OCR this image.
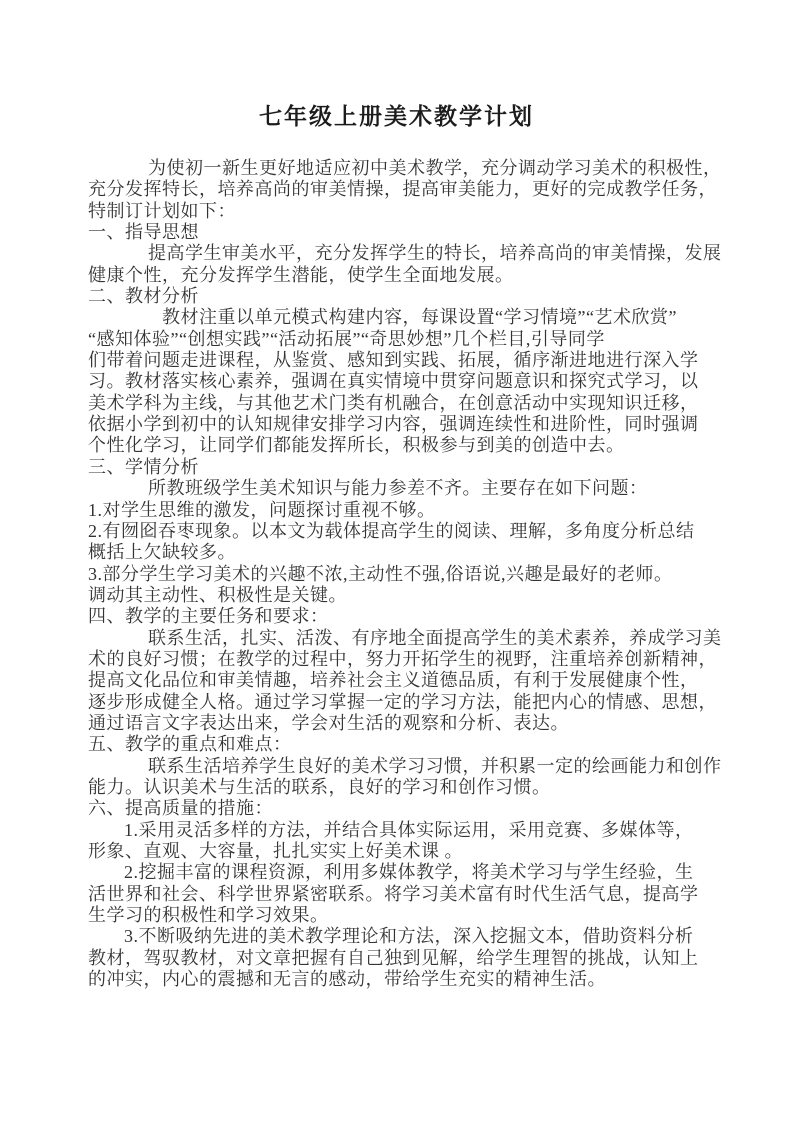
七年级上册美术教学计划
为使初一新生更好地适应初中美术教学，充分调动学习美术的积极性，
充分发挥特长，培养高尚的审美情操，提高审美能力，更好的完成教学任务，
特制订计划如下：
一、指导思想
提高学生审美水平，充分发挥学生的特长，培养高尚的审美情操，发展
健康个性，充分发挥学生潜能，使学生全面地发展。
二、教材分析
教材注重以单元模式构建内容，每课设置“学习情境”“艺术欣赏”
“感知体验”“创想实践”“活动拓展”“奇思妙想”几个栏目,引导同学
们带着问题走进课程，从鉴赏、感知到实践、拓展，循序渐进地进行深入学
习。教材落实核心素养，强调在真实情境中贯穿问题意识和探究式学习，以
美术学科为主线，与其他艺术门类有机融合，在创意活动中实现知识迁移，
依据小学到初中的认知规律安排学习内容，强调连续性和进阶性，同时强调
个性化学习，让同学们都能发挥所长，积极参与到美的创造中去。
三、学情分析
所教班级学生美术知识与能力参差不齐。主要存在如下问题：
1.对学生思维的激发，问题探讨重视不够。
2.有囫囵吞枣现象。以本文为载体提高学生的阅读、理解，多角度分析总结
概括上欠缺较多。
3.部分学生学习美术的兴趣不浓,主动性不强,俗语说,兴趣是最好的老师。
调动其主动性、积极性是关键。
四、教学的主要任务和要求：
联系生活，扎实、活泼、有序地全面提高学生的美术素养，养成学习美
术的良好习惯；在教学的过程中，努力开拓学生的视野，注重培养创新精神，
提高文化品位和审美情趣，培养社会主义道德品质，有利于发展健康个性，
逐步形成健全人格。通过学习掌握一定的学习方法，能把内心的情感、思想，
通过语言文字表达出来，学会对生活的观察和分析、表达。
五、教学的重点和难点：
联系生活培养学生良好的美术学习习惯，并积累一定的绘画能力和创作
能力。认识美术与生活的联系，良好的学习和创作习惯。
六、提高质量的措施：
1.采用灵活多样的方法，并结合具体实际运用，采用竞赛、多媒体等，
形象、直观、大容量，扎扎实实上好美术课 。
2.挖掘丰富的课程资源，利用多媒体教学，将美术学习与学生经验，生
活世界和社会、科学世界紧密联系。将学习美术富有时代生活气息，提高学
生学习的积极性和学习效果。
3.不断吸纳先进的美术教学理论和方法，深入挖掘文本，借助资料分析
教材，驾驭教材，对文章把握有自己独到见解，给学生理智的挑战，认知上
的冲实，内心的震撼和无言的感动，带给学生充实的精神生活。
